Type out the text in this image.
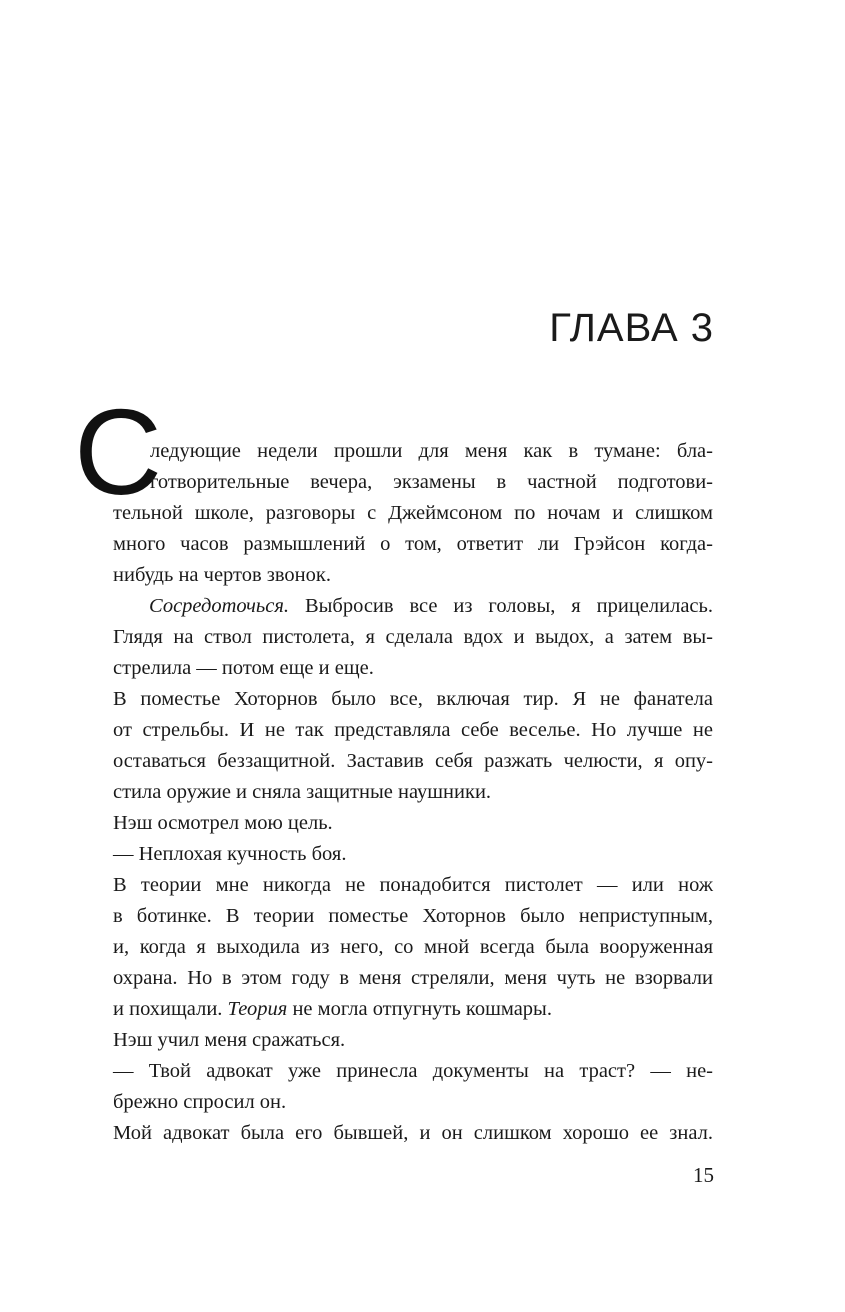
ГЛАВА 3
С
ледующие недели прошли для меня как в тумане: бла-
готворительные вечера, экзамены в частной подготови-
тельной школе, разговоры с Джеймсоном по ночам и слишком
много часов размышлений о том, ответит ли Грэйсон когда-
нибудь на чертов звонок.
Сосредоточься. Выбросив все из головы, я прицелилась.
Глядя на ствол пистолета, я сделала вдох и выдох, а затем вы-
стрелила — потом еще и еще.
В поместье Хоторнов было все, включая тир. Я не фанатела
от стрельбы. И не так представляла себе веселье. Но лучше не
оставаться беззащитной. Заставив себя разжать челюсти, я опу-
стила оружие и сняла защитные наушники.
Нэш осмотрел мою цель.
— Неплохая кучность боя.
В теории мне никогда не понадобится пистолет — или нож
в ботинке. В теории поместье Хоторнов было неприступным,
и, когда я выходила из него, со мной всегда была вооруженная
охрана. Но в этом году в меня стреляли, меня чуть не взорвали
и похищали. Теория не могла отпугнуть кошмары.
Нэш учил меня сражаться.
— Твой адвокат уже принесла документы на траст? — не-
брежно спросил он.
Мой адвокат была его бывшей, и он слишком хорошо ее знал.
15
